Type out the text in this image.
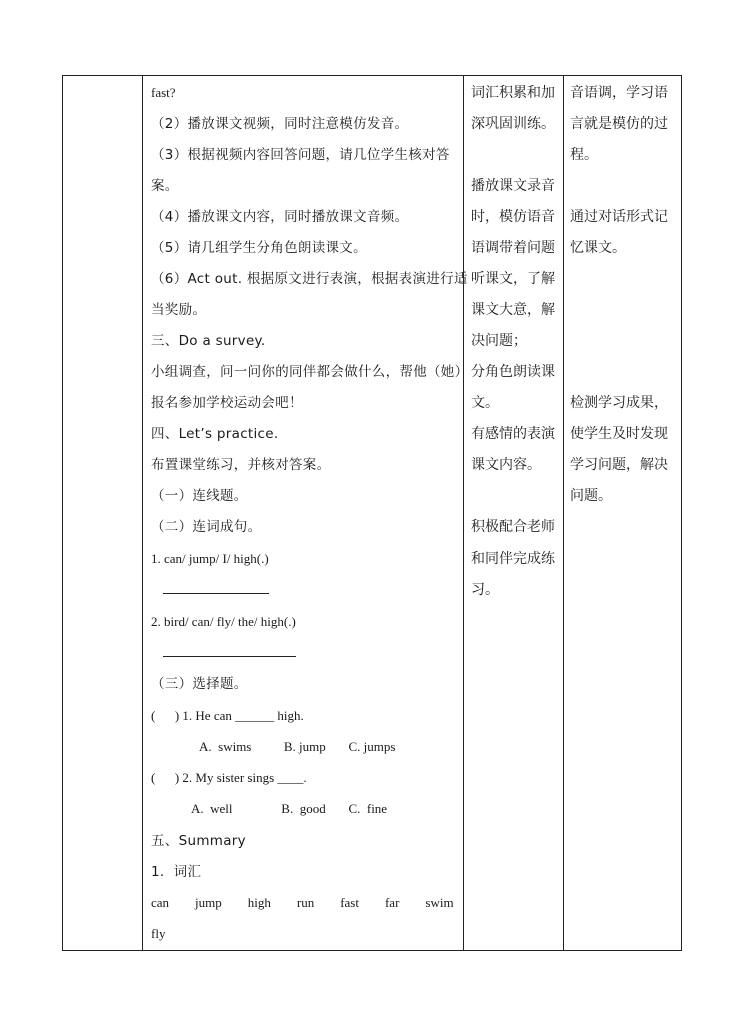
fast?
（2）播放课文视频，同时注意模仿发音。
（3）根据视频内容回答问题，请几位学生核对答
案。
（4）播放课文内容，同时播放课文音频。
（5）请几组学生分角色朗读课文。
（6）Act out. 根据原文进行表演，根据表演进行适
当奖励。
三、Do a survey.
小组调查，问一问你的同伴都会做什么，帮他（她）
报名参加学校运动会吧！
四、Let’s practice.
布置课堂练习，并核对答案。
（一）连线题。
（二）连词成句。
1. can/ jump/ I/ high(.)
2. bird/ can/ fly/ the/ high(.)
（三）选择题。
(      ) 1. He can ______ high.
A.  swims          B. jump       C. jumps
(      ) 2. My sister sings ____.
A.  well               B.  good       C.  fine
五、Summary
1.  词汇
can        jump        high        run        fast        far        swim
fly
词汇积累和加
深巩固训练。
播放课文录音
时，模仿语音
语调带着问题
听课文，了解
课文大意，解
决问题；
分角色朗读课
文。
有感情的表演
课文内容。
积极配合老师
和同伴完成练
习。
音语调，学习语
言就是模仿的过
程。
通过对话形式记
忆课文。
检测学习成果，
使学生及时发现
学习问题，解决
问题。
